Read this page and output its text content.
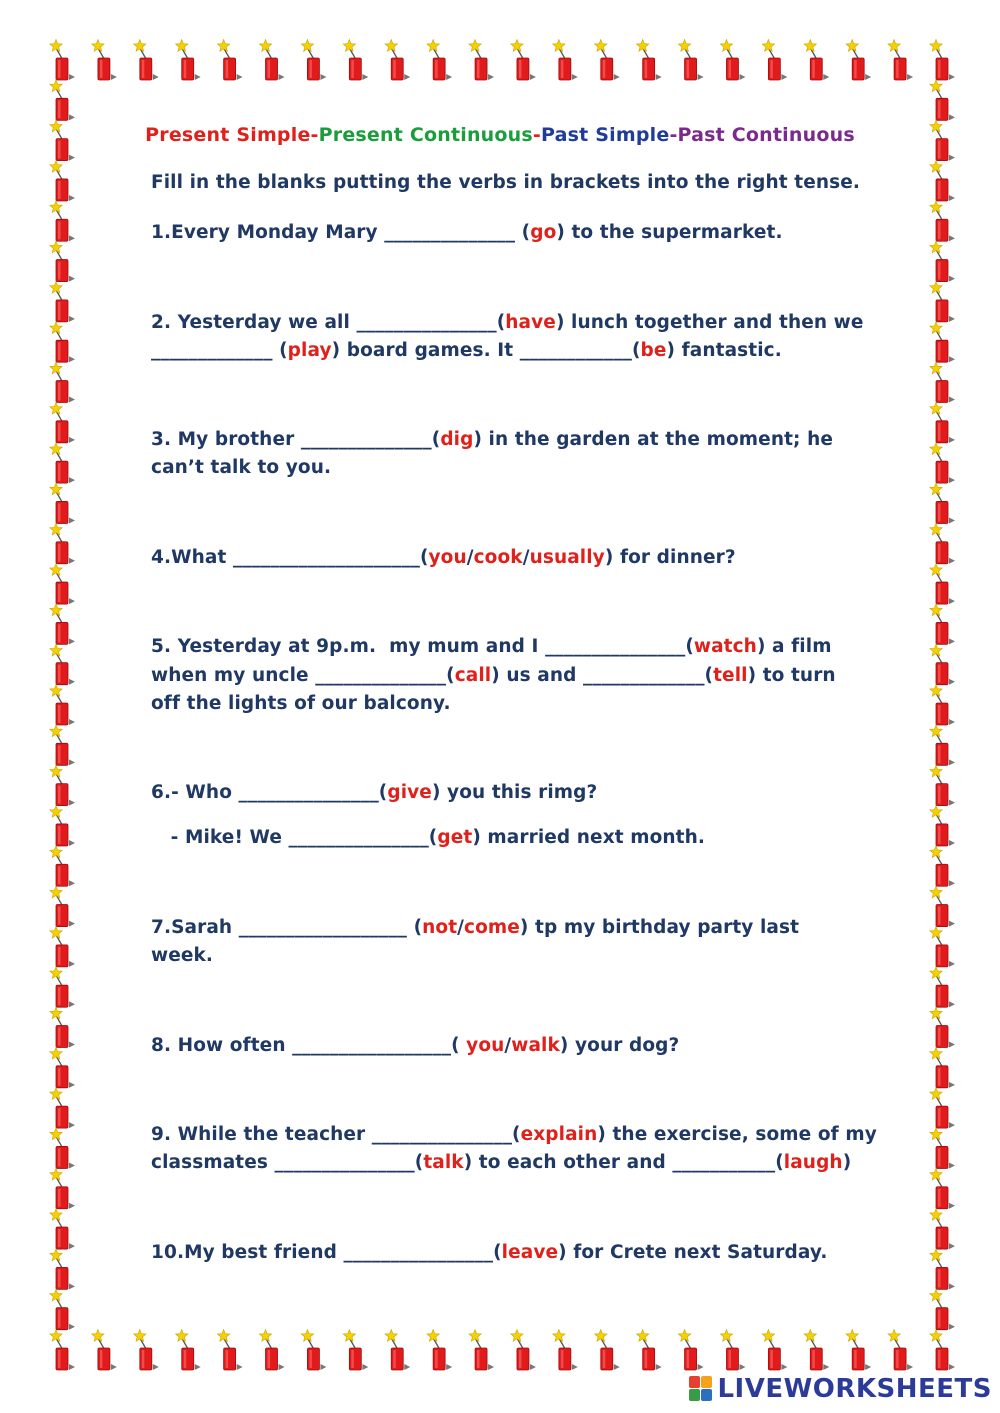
Present Simple-Present Continuous-Past Simple-Past Continuous
Fill in the blanks putting the verbs in brackets into the right tense.
1.Every Monday Mary ______________ (go) to the supermarket.
2. Yesterday we all _______________(have) lunch together and then we
_____________ (play) board games. It ____________(be) fantastic.
3. My brother ______________(dig) in the garden at the moment; he
can’t talk to you.
4.What ____________________(you/cook/usually) for dinner?
5. Yesterday at 9p.m.  my mum and I _______________(watch) a film
when my uncle ______________(call) us and _____________(tell) to turn
off the lights of our balcony.
6.- Who _______________(give) you this rimg?
- Mike! We _______________(get) married next month.
7.Sarah __________________ (not/come) tp my birthday party last
week.
8. How often _________________( you/walk) your dog?
9. While the teacher _______________(explain) the exercise, some of my
classmates _______________(talk) to each other and ___________(laugh)
10.My best friend ________________(leave) for Crete next Saturday.
LIVEWORKSHEETS
